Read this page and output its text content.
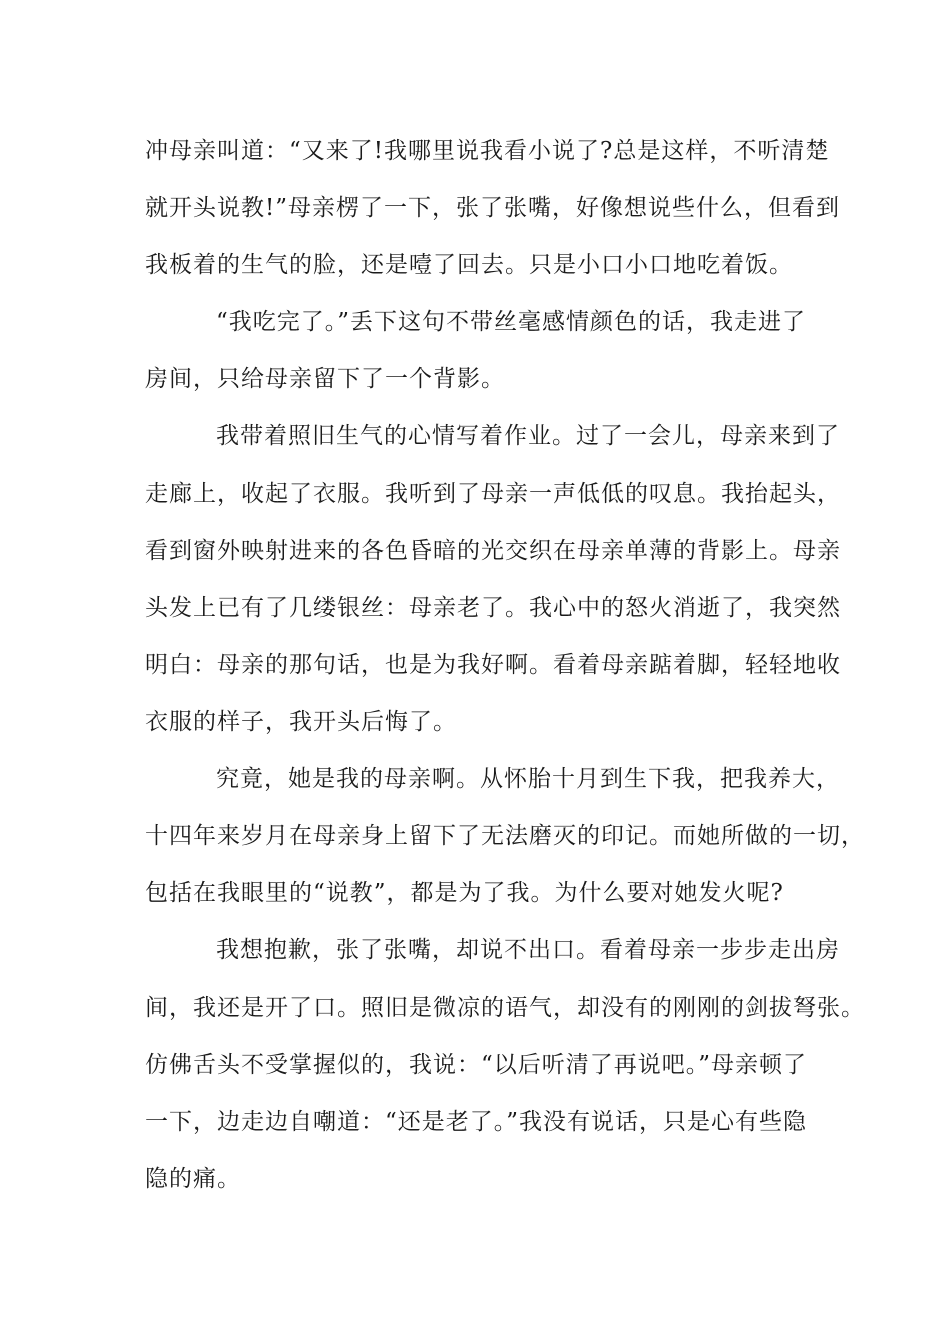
冲母亲叫道：“又来了!我哪里说我看小说了?总是这样，不听清楚
就开头说教!”母亲楞了一下，张了张嘴，好像想说些什么，但看到
我板着的生气的脸，还是噎了回去。只是小口小口地吃着饭。
“我吃完了。”丢下这句不带丝毫感情颜色的话，我走进了
房间，只给母亲留下了一个背影。
我带着照旧生气的心情写着作业。过了一会儿，母亲来到了
走廊上，收起了衣服。我听到了母亲一声低低的叹息。我抬起头，
看到窗外映射进来的各色昏暗的光交织在母亲单薄的背影上。母亲
头发上已有了几缕银丝：母亲老了。我心中的怒火消逝了，我突然
明白：母亲的那句话，也是为我好啊。看着母亲踮着脚，轻轻地收
衣服的样子，我开头后悔了。
究竟，她是我的母亲啊。从怀胎十月到生下我，把我养大，
十四年来岁月在母亲身上留下了无法磨灭的印记。而她所做的一切，
包括在我眼里的“说教”，都是为了我。为什么要对她发火呢?
我想抱歉，张了张嘴，却说不出口。看着母亲一步步走出房
间，我还是开了口。照旧是微凉的语气，却没有的刚刚的剑拔弩张。
仿佛舌头不受掌握似的，我说：“以后听清了再说吧。”母亲顿了
一下，边走边自嘲道：“还是老了。”我没有说话，只是心有些隐
隐的痛。
